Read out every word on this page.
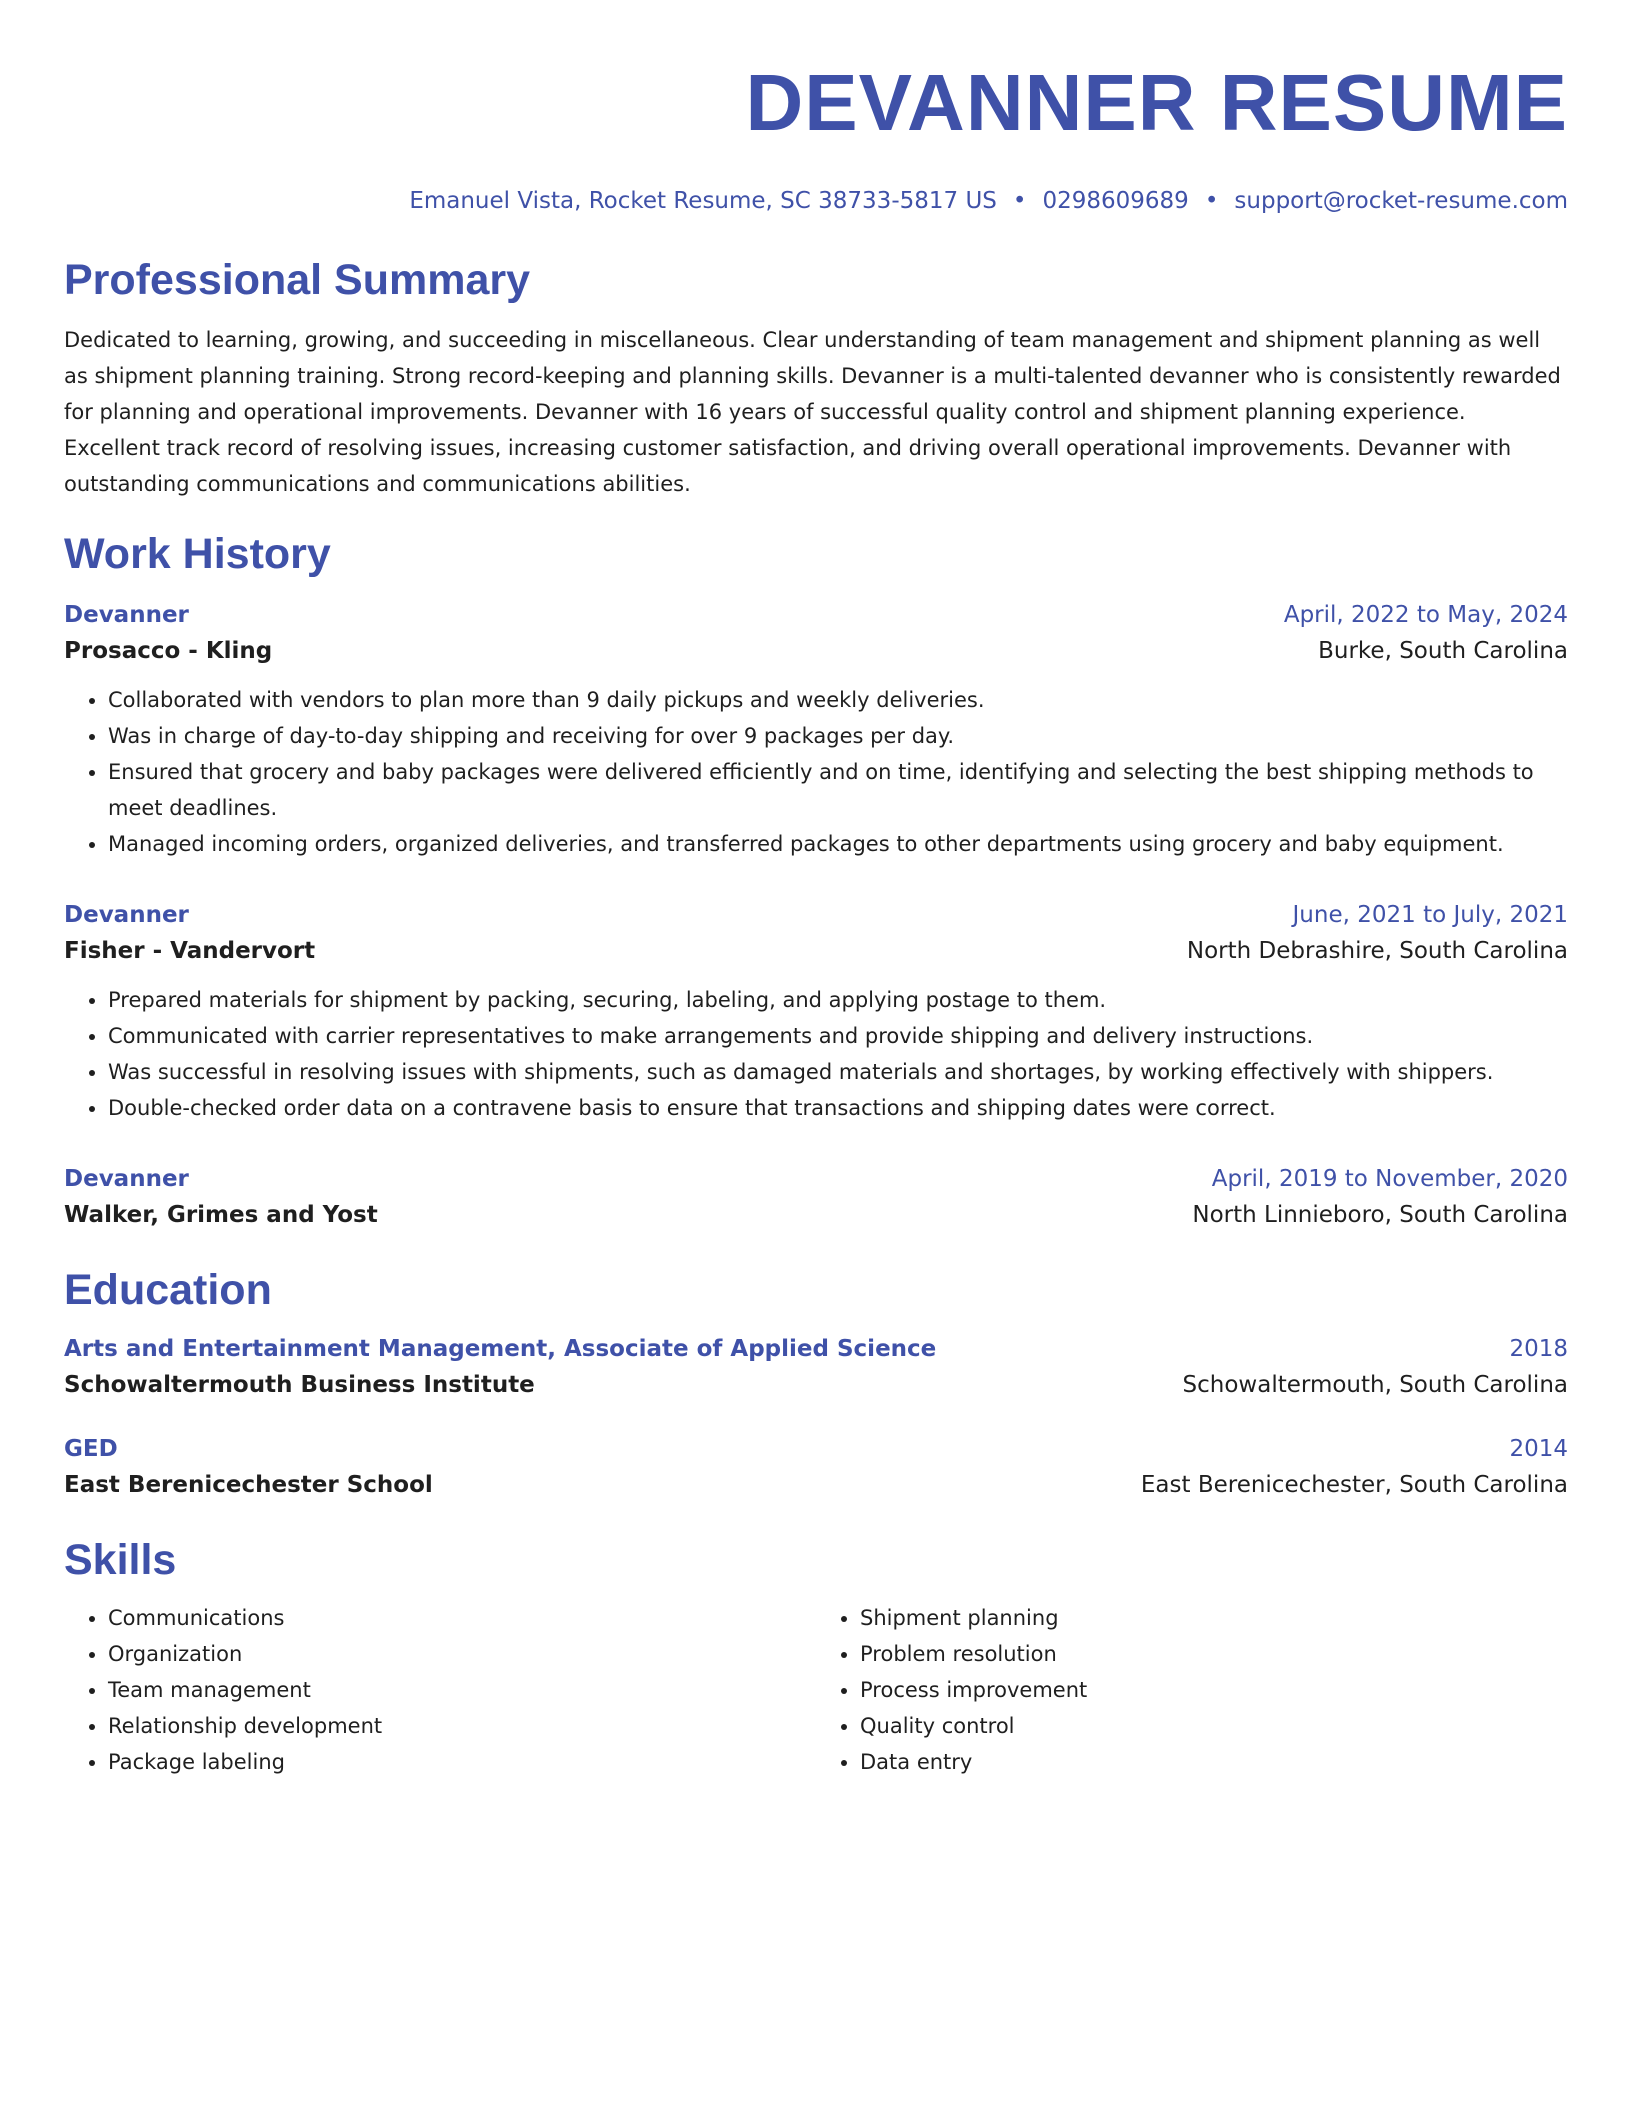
DEVANNER RESUME
Emanuel Vista, Rocket Resume, SC 38733-5817 US • 0298609689 • support@rocket-resume.com
Professional Summary
Dedicated to learning, growing, and succeeding in miscellaneous. Clear understanding of team management and shipment planning as well as shipment planning training. Strong record-keeping and planning skills. Devanner is a multi-talented devanner who is consistently rewarded for planning and operational improvements. Devanner with 16 years of successful quality control and shipment planning experience. Excellent track record of resolving issues, increasing customer satisfaction, and driving overall operational improvements. Devanner with outstanding communications and communications abilities.
Work History
Devanner	April, 2022 to May, 2024
Prosacco - Kling	Burke, South Carolina
• Collaborated with vendors to plan more than 9 daily pickups and weekly deliveries.
• Was in charge of day-to-day shipping and receiving for over 9 packages per day.
• Ensured that grocery and baby packages were delivered efficiently and on time, identifying and selecting the best shipping methods to meet deadlines.
• Managed incoming orders, organized deliveries, and transferred packages to other departments using grocery and baby equipment.
Devanner	June, 2021 to July, 2021
Fisher - Vandervort	North Debrashire, South Carolina
• Prepared materials for shipment by packing, securing, labeling, and applying postage to them.
• Communicated with carrier representatives to make arrangements and provide shipping and delivery instructions.
• Was successful in resolving issues with shipments, such as damaged materials and shortages, by working effectively with shippers.
• Double-checked order data on a contravene basis to ensure that transactions and shipping dates were correct.
Devanner	April, 2019 to November, 2020
Walker, Grimes and Yost	North Linnieboro, South Carolina
Education
Arts and Entertainment Management, Associate of Applied Science	2018
Schowaltermouth Business Institute	Schowaltermouth, South Carolina
GED	2014
East Berenicechester School	East Berenicechester, South Carolina
Skills
• Communications
• Organization
• Team management
• Relationship development
• Package labeling
• Shipment planning
• Problem resolution
• Process improvement
• Quality control
• Data entry
